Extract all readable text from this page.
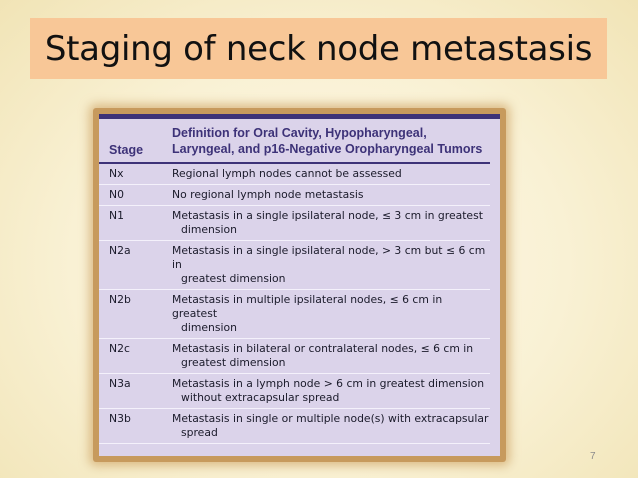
Staging of neck node metastasis
Stage
Definition for Oral Cavity, Hypopharyngeal, Laryngeal, and p16-Negative Oropharyngeal Tumors
Nx	Regional lymph nodes cannot be assessed
N0	No regional lymph node metastasis
N1	Metastasis in a single ipsilateral node, ≤ 3 cm in greatest
dimension
N2a	Metastasis in a single ipsilateral node, > 3 cm but ≤ 6 cm in
greatest dimension
N2b	Metastasis in multiple ipsilateral nodes, ≤ 6 cm in greatest
dimension
N2c	Metastasis in bilateral or contralateral nodes, ≤ 6 cm in
greatest dimension
N3a	Metastasis in a lymph node > 6 cm in greatest dimension
without extracapsular spread
N3b	Metastasis in single or multiple node(s) with extracapsular
spread
7
